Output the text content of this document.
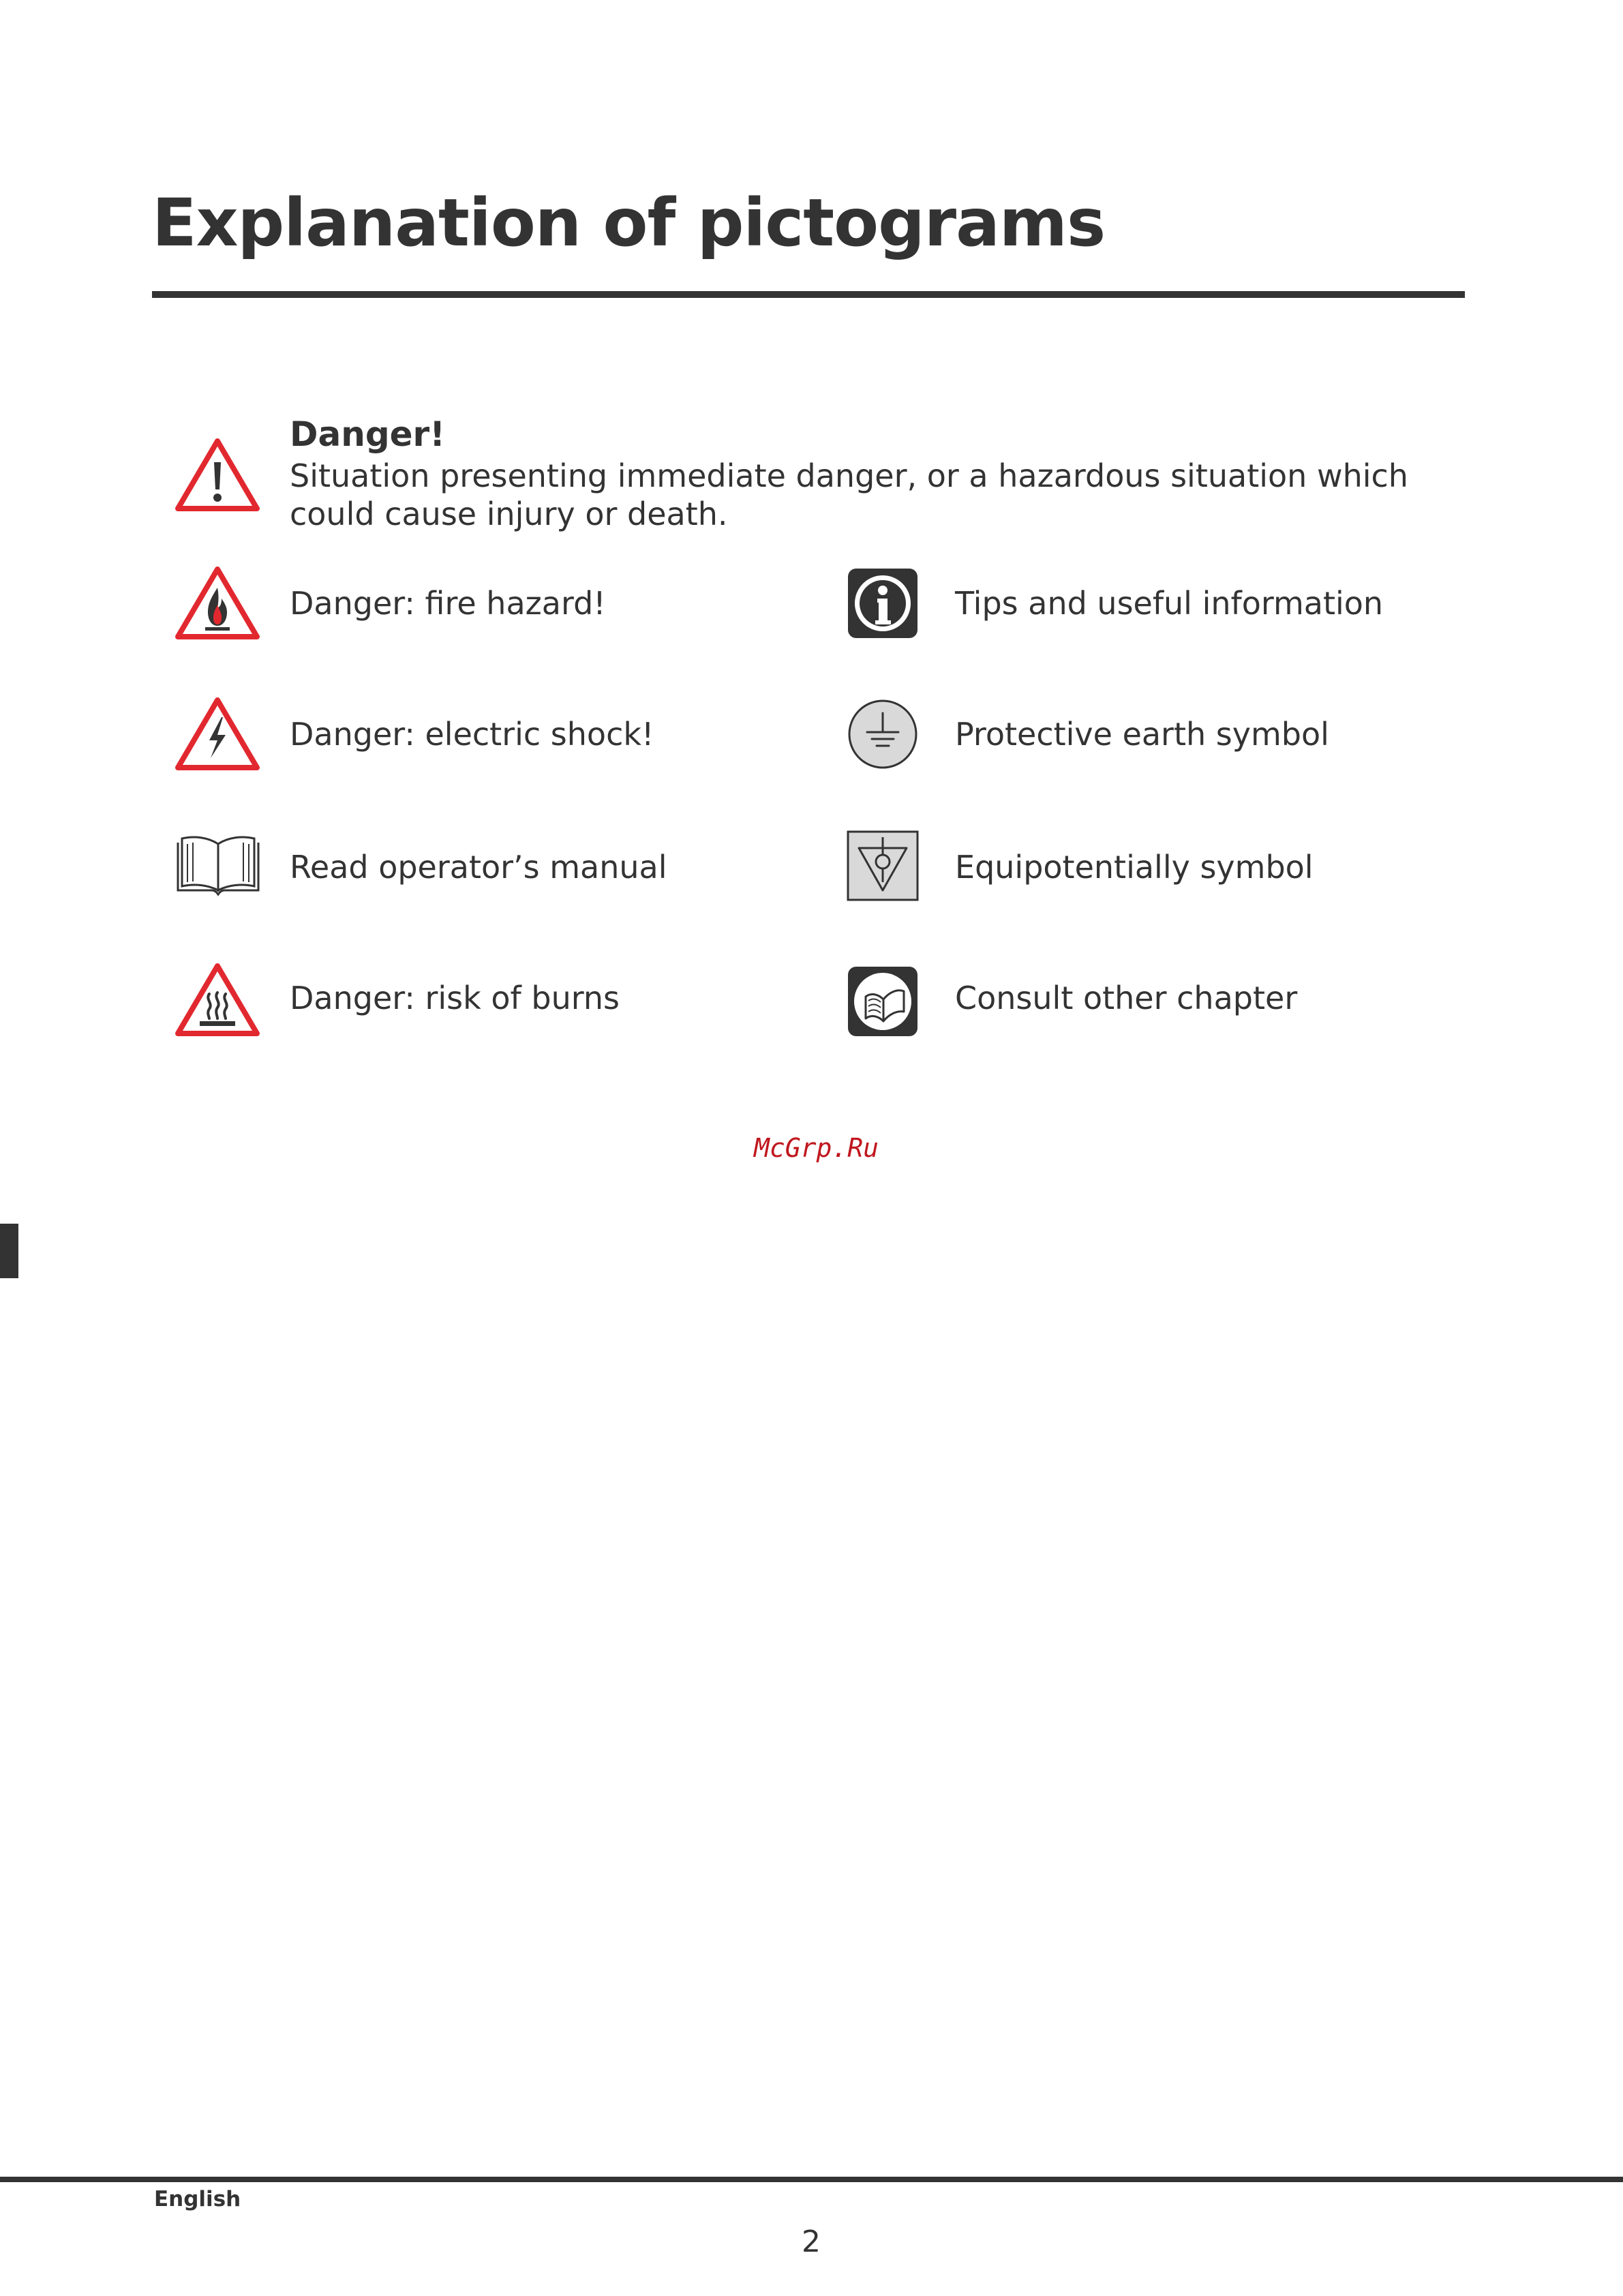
Explanation of pictograms
Danger!
Situation presenting immediate danger, or a hazardous situation which could cause injury or death.
Danger: fire hazard!
Danger: electric shock!
Read operator’s manual
Danger: risk of burns
Tips and useful information
Protective earth symbol
Equipotentially symbol
Consult other chapter
McGrp.Ru
English
2
